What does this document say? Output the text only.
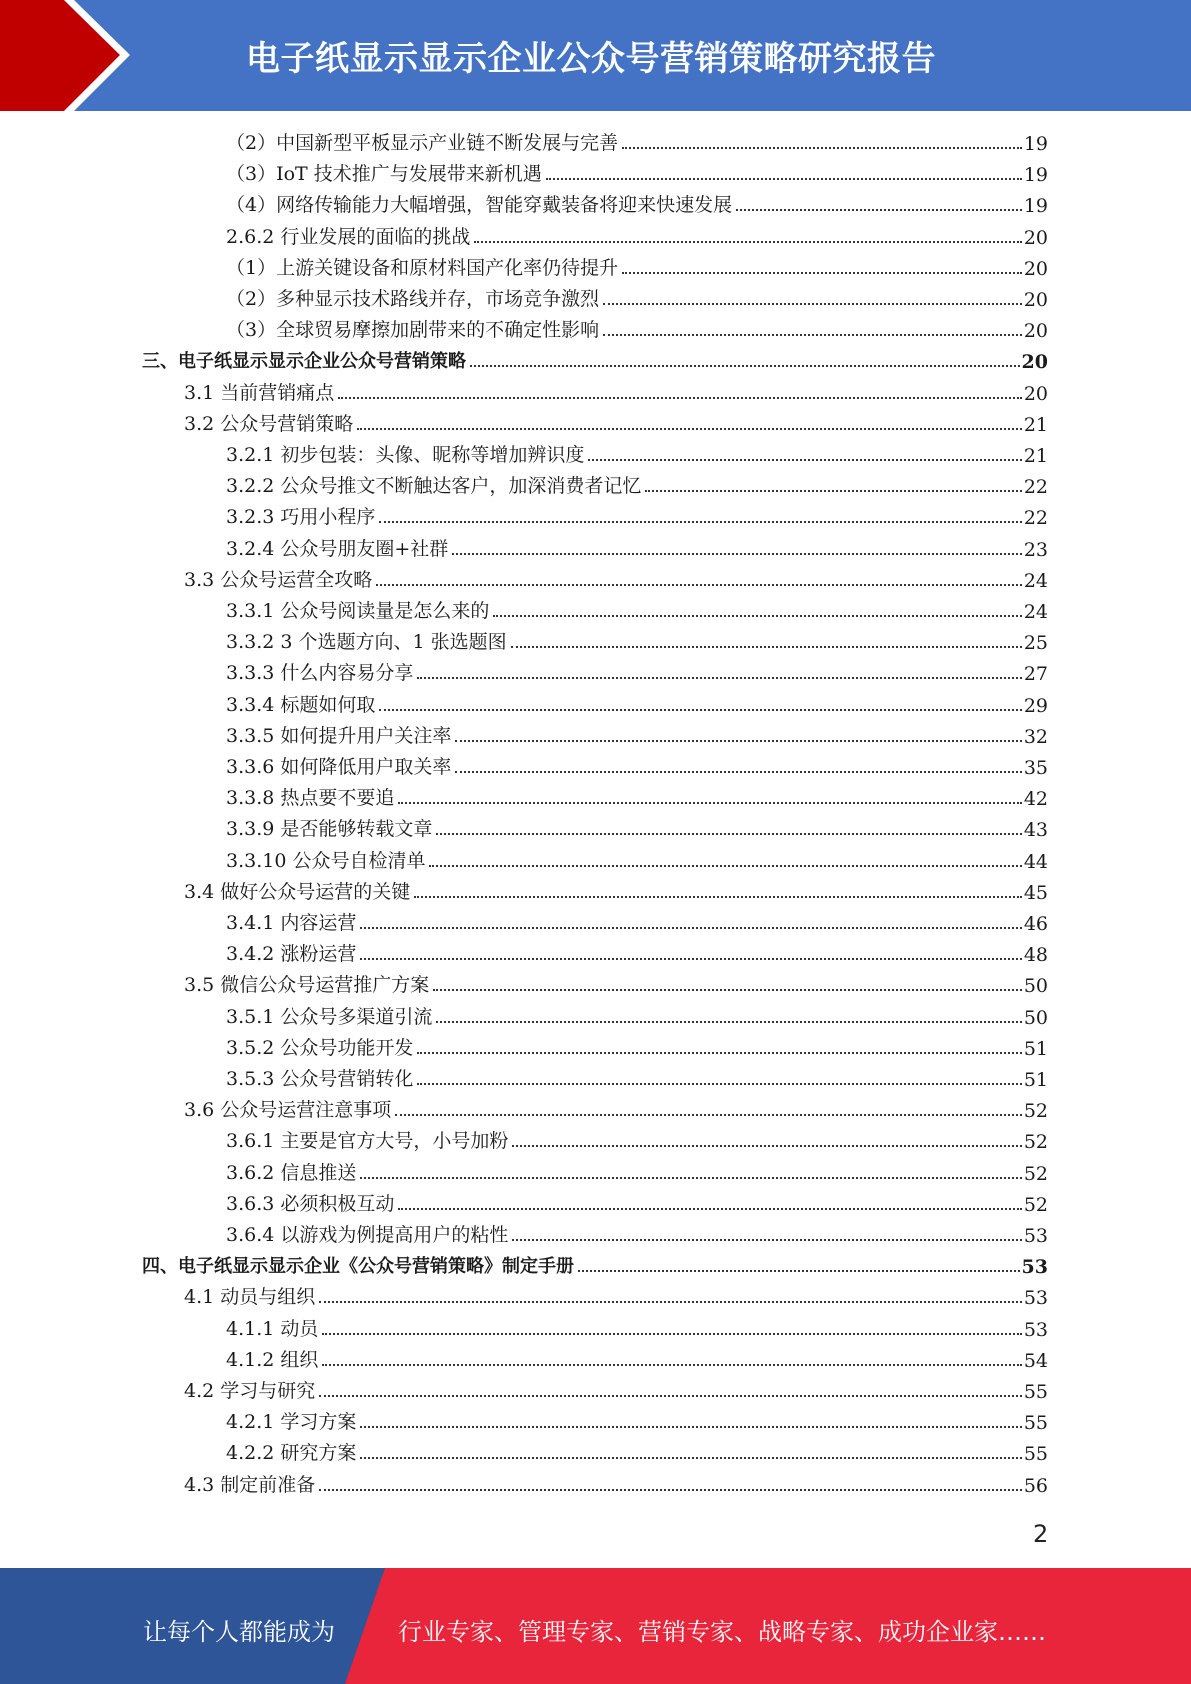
电子纸显示显示企业公众号营销策略研究报告
（2）中国新型平板显示产业链不断发展与完善	19
（3）IoT 技术推广与发展带来新机遇	19
（4）网络传输能力大幅增强，智能穿戴装备将迎来快速发展	19
2.6.2 行业发展的面临的挑战	20
（1）上游关键设备和原材料国产化率仍待提升	20
（2）多种显示技术路线并存，市场竞争激烈	20
（3）全球贸易摩擦加剧带来的不确定性影响	20
三、电子纸显示显示企业公众号营销策略	20
3.1 当前营销痛点	20
3.2 公众号营销策略	21
3.2.1 初步包装：头像、昵称等增加辨识度	21
3.2.2 公众号推文不断触达客户，加深消费者记忆	22
3.2.3 巧用小程序	22
3.2.4 公众号朋友圈+社群	23
3.3 公众号运营全攻略	24
3.3.1 公众号阅读量是怎么来的	24
3.3.2 3 个选题方向、1 张选题图	25
3.3.3 什么内容易分享	27
3.3.4 标题如何取	29
3.3.5 如何提升用户关注率	32
3.3.6 如何降低用户取关率	35
3.3.8 热点要不要追	42
3.3.9 是否能够转载文章	43
3.3.10 公众号自检清单	44
3.4 做好公众号运营的关键	45
3.4.1 内容运营	46
3.4.2 涨粉运营	48
3.5 微信公众号运营推广方案	50
3.5.1 公众号多渠道引流	50
3.5.2 公众号功能开发	51
3.5.3 公众号营销转化	51
3.6 公众号运营注意事项	52
3.6.1 主要是官方大号，小号加粉	52
3.6.2 信息推送	52
3.6.3 必须积极互动	52
3.6.4 以游戏为例提高用户的粘性	53
四、电子纸显示显示企业《公众号营销策略》制定手册	53
4.1 动员与组织	53
4.1.1 动员	53
4.1.2 组织	54
4.2 学习与研究	55
4.2.1 学习方案	55
4.2.2 研究方案	55
4.3 制定前准备	56
2
让每个人都能成为	行业专家、管理专家、营销专家、战略专家、成功企业家……
